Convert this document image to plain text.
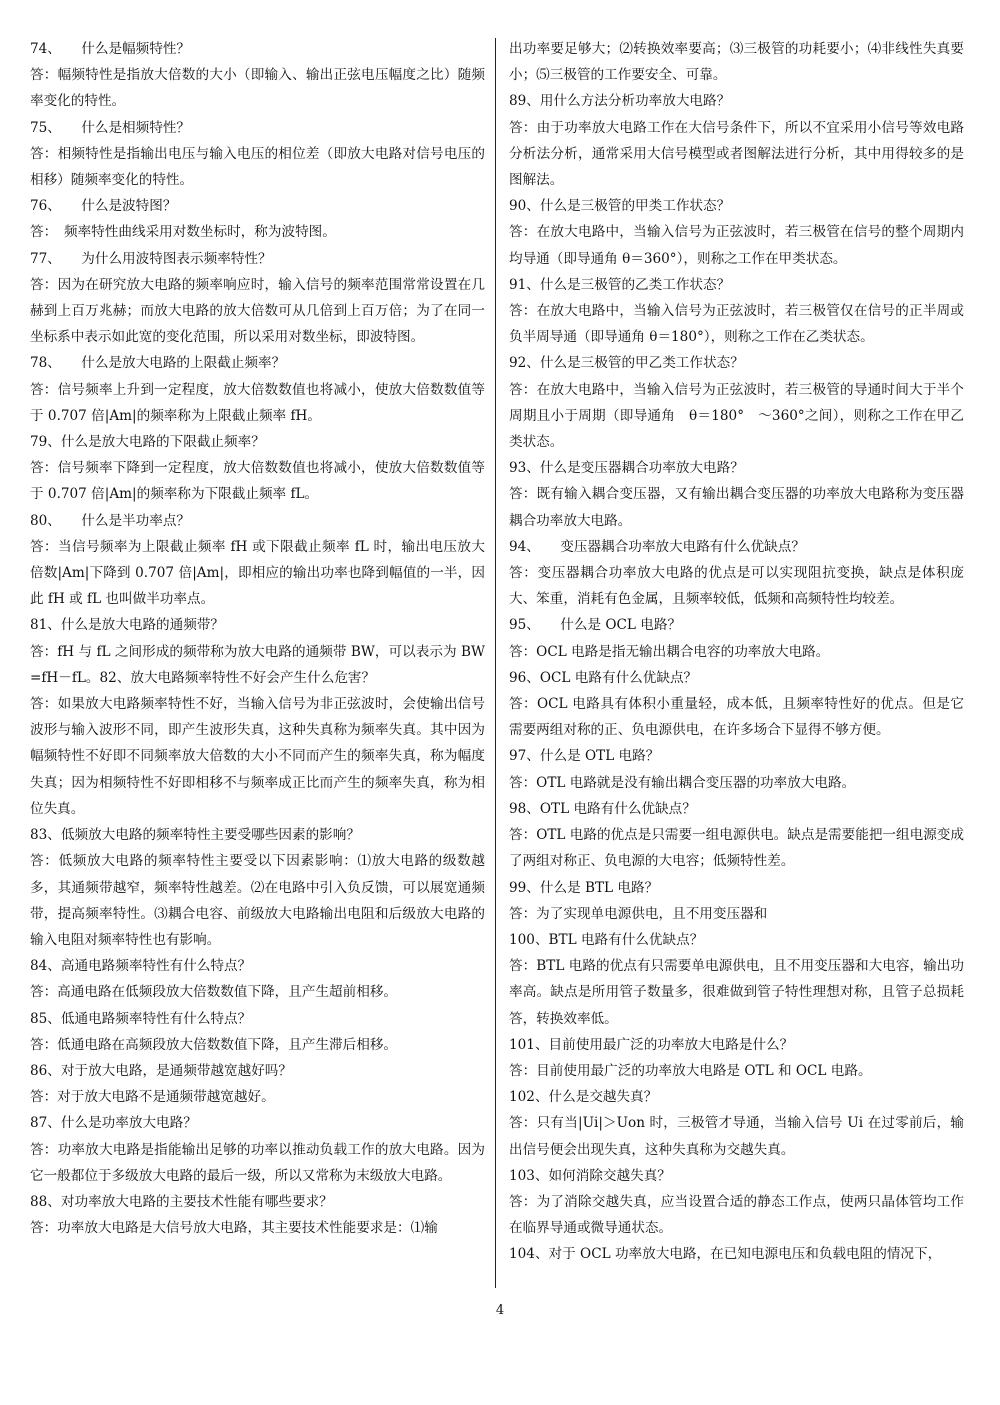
74、　　什么是幅频特性？

答：幅频特性是指放大倍数的大小（即输入、输出正弦电压幅度之比）随频率变化的特性。

75、　　什么是相频特性？

答：相频特性是指输出电压与输入电压的相位差（即放大电路对信号电压的相移）随频率变化的特性。

76、　　什么是波特图？

答：　频率特性曲线采用对数坐标时，称为波特图。

77、　　为什么用波特图表示频率特性？

答：因为在研究放大电路的频率响应时，输入信号的频率范围常常设置在几赫到上百万兆赫；而放大电路的放大倍数可从几倍到上百万倍；为了在同一坐标系中表示如此宽的变化范围，所以采用对数坐标，即波特图。

78、　　什么是放大电路的上限截止频率？

答：信号频率上升到一定程度，放大倍数数值也将减小，使放大倍数数值等于 0.707 倍|Am|的频率称为上限截止频率 fH。

79、什么是放大电路的下限截止频率？

答：信号频率下降到一定程度，放大倍数数值也将减小，使放大倍数数值等于 0.707 倍|Am|的频率称为下限截止频率 fL。

80、　　什么是半功率点？

答：当信号频率为上限截止频率 fH 或下限截止频率 fL 时，输出电压放大倍数|Am|下降到 0.707 倍|Am|，即相应的输出功率也降到幅值的一半，因此 fH 或 fL 也叫做半功率点。

81、什么是放大电路的通频带？

答：fH 与 fL 之间形成的频带称为放大电路的通频带 BW，可以表示为 BW =fH－fL。82、放大电路频率特性不好会产生什么危害？

答：如果放大电路频率特性不好，当输入信号为非正弦波时，会使输出信号波形与输入波形不同，即产生波形失真，这种失真称为频率失真。其中因为幅频特性不好即不同频率放大倍数的大小不同而产生的频率失真，称为幅度失真；因为相频特性不好即相移不与频率成正比而产生的频率失真，称为相位失真。

83、低频放大电路的频率特性主要受哪些因素的影响？

答：低频放大电路的频率特性主要受以下因素影响：⑴放大电路的级数越多，其通频带越窄，频率特性越差。⑵在电路中引入负反馈，可以展宽通频带，提高频率特性。⑶耦合电容、前级放大电路输出电阻和后级放大电路的输入电阻对频率特性也有影响。

84、高通电路频率特性有什么特点？

答：高通电路在低频段放大倍数数值下降，且产生超前相移。

85、低通电路频率特性有什么特点？

答：低通电路在高频段放大倍数数值下降，且产生滞后相移。

86、对于放大电路，是通频带越宽越好吗？

答：对于放大电路不是通频带越宽越好。

87、什么是功率放大电路？

答：功率放大电路是指能输出足够的功率以推动负载工作的放大电路。因为它一般都位于多级放大电路的最后一级，所以又常称为末级放大电路。

88、对功率放大电路的主要技术性能有哪些要求？

答：功率放大电路是大信号放大电路，其主要技术性能要求是：⑴输

出功率要足够大；⑵转换效率要高；⑶三极管的功耗要小；⑷非线性失真要小；⑸三极管的工作要安全、可靠。

89、用什么方法分析功率放大电路？

答：由于功率放大电路工作在大信号条件下，所以不宜采用小信号等效电路分析法分析，通常采用大信号模型或者图解法进行分析，其中用得较多的是图解法。

90、什么是三极管的甲类工作状态？

答：在放大电路中，当输入信号为正弦波时，若三极管在信号的整个周期内均导通（即导通角 θ＝360°），则称之工作在甲类状态。

91、什么是三极管的乙类工作状态？

答：在放大电路中，当输入信号为正弦波时，若三极管仅在信号的正半周或负半周导通（即导通角 θ＝180°），则称之工作在乙类状态。

92、什么是三极管的甲乙类工作状态？

答：在放大电路中，当输入信号为正弦波时，若三极管的导通时间大于半个周期且小于周期（即导通角　θ＝180°　～360°之间），则称之工作在甲乙类状态。

93、什么是变压器耦合功率放大电路？

答：既有输入耦合变压器，又有输出耦合变压器的功率放大电路称为变压器耦合功率放大电路。

94、　　变压器耦合功率放大电路有什么优缺点？

答：变压器耦合功率放大电路的优点是可以实现阻抗变换，缺点是体积庞大、笨重，消耗有色金属，且频率较低，低频和高频特性均较差。

95、　　什么是 OCL 电路？

答：OCL 电路是指无输出耦合电容的功率放大电路。

96、OCL 电路有什么优缺点？

答：OCL 电路具有体积小重量轻，成本低，且频率特性好的优点。但是它需要两组对称的正、负电源供电，在许多场合下显得不够方便。

97、什么是 OTL 电路？

答：OTL 电路就是没有输出耦合变压器的功率放大电路。

98、OTL 电路有什么优缺点？

答：OTL 电路的优点是只需要一组电源供电。缺点是需要能把一组电源变成了两组对称正、负电源的大电容；低频特性差。

99、什么是 BTL 电路？

答：为了实现单电源供电，且不用变压器和

100、BTL 电路有什么优缺点？

答：BTL 电路的优点有只需要单电源供电，且不用变压器和大电容，输出功率高。缺点是所用管子数量多，很难做到管子特性理想对称，且管子总损耗答，转换效率低。

101、目前使用最广泛的功率放大电路是什么？

答：目前使用最广泛的功率放大电路是 OTL 和 OCL 电路。

102、什么是交越失真？

答：只有当|Ui|＞Uon 时，三极管才导通，当输入信号 Ui 在过零前后，输出信号便会出现失真，这种失真称为交越失真。

103、如何消除交越失真？

答：为了消除交越失真，应当设置合适的静态工作点，使两只晶体管均工作在临界导通或微导通状态。

104、对于 OCL 功率放大电路，在已知电源电压和负载电阻的情况下，

4
